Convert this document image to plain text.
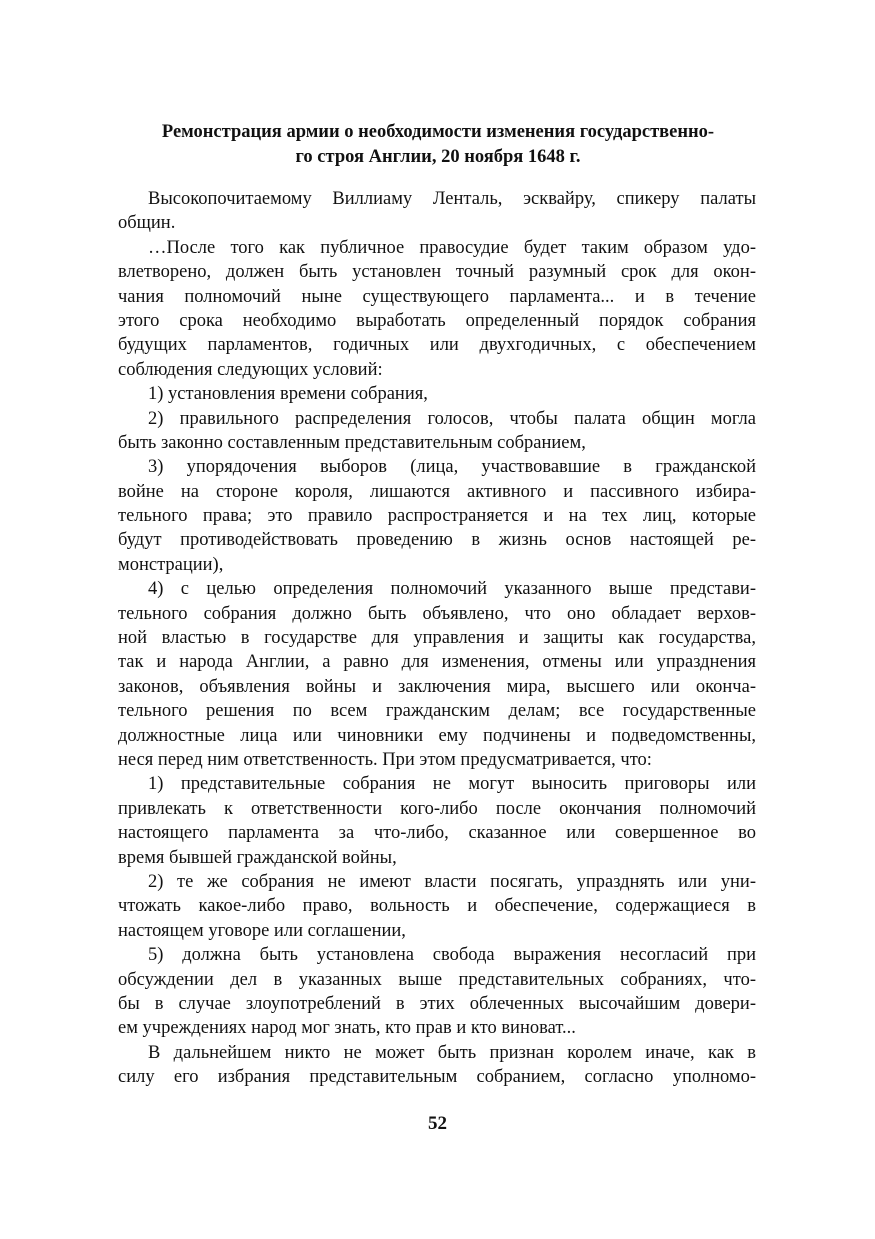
Ремонстрация армии о необходимости изменения государственно-
го строя Англии, 20 ноября 1648 г.
Высокопочитаемому Виллиаму Ленталь, эсквайру, спикеру палаты
общин.
…После того как публичное правосудие будет таким образом удо-
влетворено, должен быть установлен точный разумный срок для окон-
чания полномочий ныне существующего парламента... и в течение
этого срока необходимо выработать определенный порядок собрания
будущих парламентов, годичных или двухгодичных, с обеспечением
соблюдения следующих условий:
1) установления времени собрания,
2) правильного распределения голосов, чтобы палата общин могла
быть законно составленным представительным собранием,
3) упорядочения выборов (лица, участвовавшие в гражданской
войне на стороне короля, лишаются активного и пассивного избира-
тельного права; это правило распространяется и на тех лиц, которые
будут противодействовать проведению в жизнь основ настоящей ре-
монстрации),
4) с целью определения полномочий указанного выше представи-
тельного собрания должно быть объявлено, что оно обладает верхов-
ной властью в государстве для управления и защиты как государства,
так и народа Англии, а равно для изменения, отмены или упразднения
законов, объявления войны и заключения мира, высшего или оконча-
тельного решения по всем гражданским делам; все государственные
должностные лица или чиновники ему подчинены и подведомственны,
неся перед ним ответственность. При этом предусматривается, что:
1) представительные собрания не могут выносить приговоры или
привлекать к ответственности кого-либо после окончания полномочий
настоящего парламента за что-либо, сказанное или совершенное во
время бывшей гражданской войны,
2) те же собрания не имеют власти посягать, упразднять или уни-
чтожать какое-либо право, вольность и обеспечение, содержащиеся в
настоящем уговоре или соглашении,
5) должна быть установлена свобода выражения несогласий при
обсуждении дел в указанных выше представительных собраниях, что-
бы в случае злоупотреблений в этих облеченных высочайшим довери-
ем учреждениях народ мог знать, кто прав и кто виноват...
В дальнейшем никто не может быть признан королем иначе, как в
силу его избрания представительным собранием, согласно уполномо-
52
